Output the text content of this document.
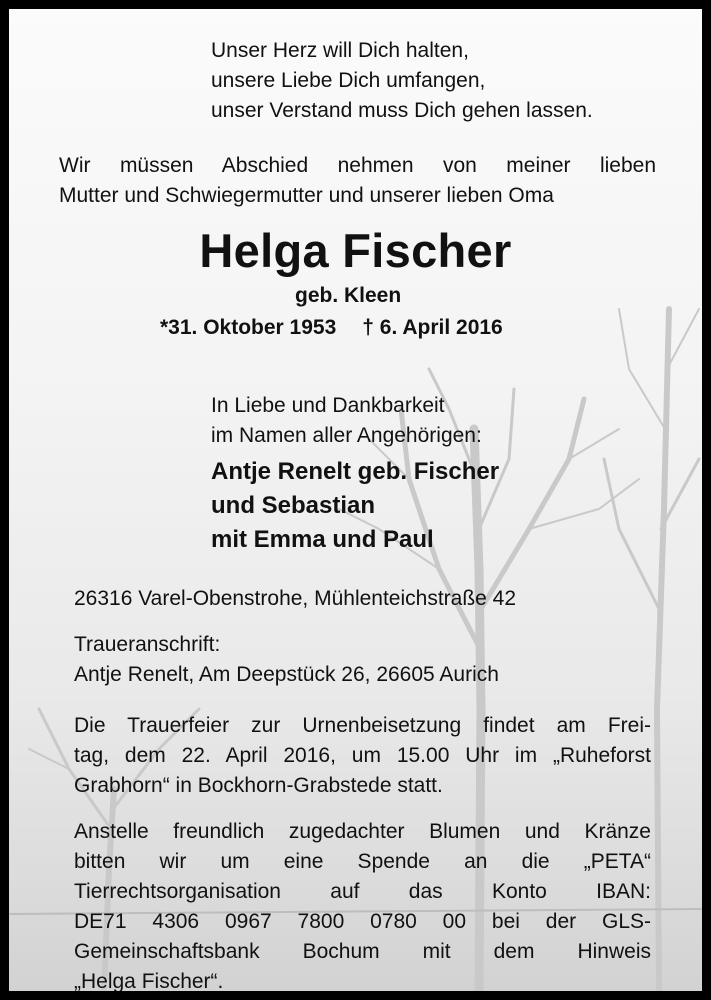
Unser Herz will Dich halten,
unsere Liebe Dich umfangen,
unser Verstand muss Dich gehen lassen.
Wir müssen Abschied nehmen von meiner lieben
Mutter und Schwiegermutter und unserer lieben Oma
Helga Fischer
geb. Kleen
*31. Oktober 1953 † 6. April 2016
In Liebe und Dankbarkeit
im Namen aller Angehörigen:
Antje Renelt geb. Fischer
und Sebastian
mit Emma und Paul
26316 Varel-Obenstrohe, Mühlenteichstraße 42
Traueranschrift:
Antje Renelt, Am Deepstück 26, 26605 Aurich
Die Trauerfeier zur Urnenbeisetzung findet am Frei-
tag, dem 22. April 2016, um 15.00 Uhr im „Ruheforst
Grabhorn“ in Bockhorn-Grabstede statt.
Anstelle freundlich zugedachter Blumen und Kränze
bitten wir um eine Spende an die „PETA“
Tierrechtsorganisation auf das Konto IBAN:
DE71 4306 0967 7800 0780 00 bei der GLS-
Gemeinschaftsbank Bochum mit dem Hinweis
„Helga Fischer“.
